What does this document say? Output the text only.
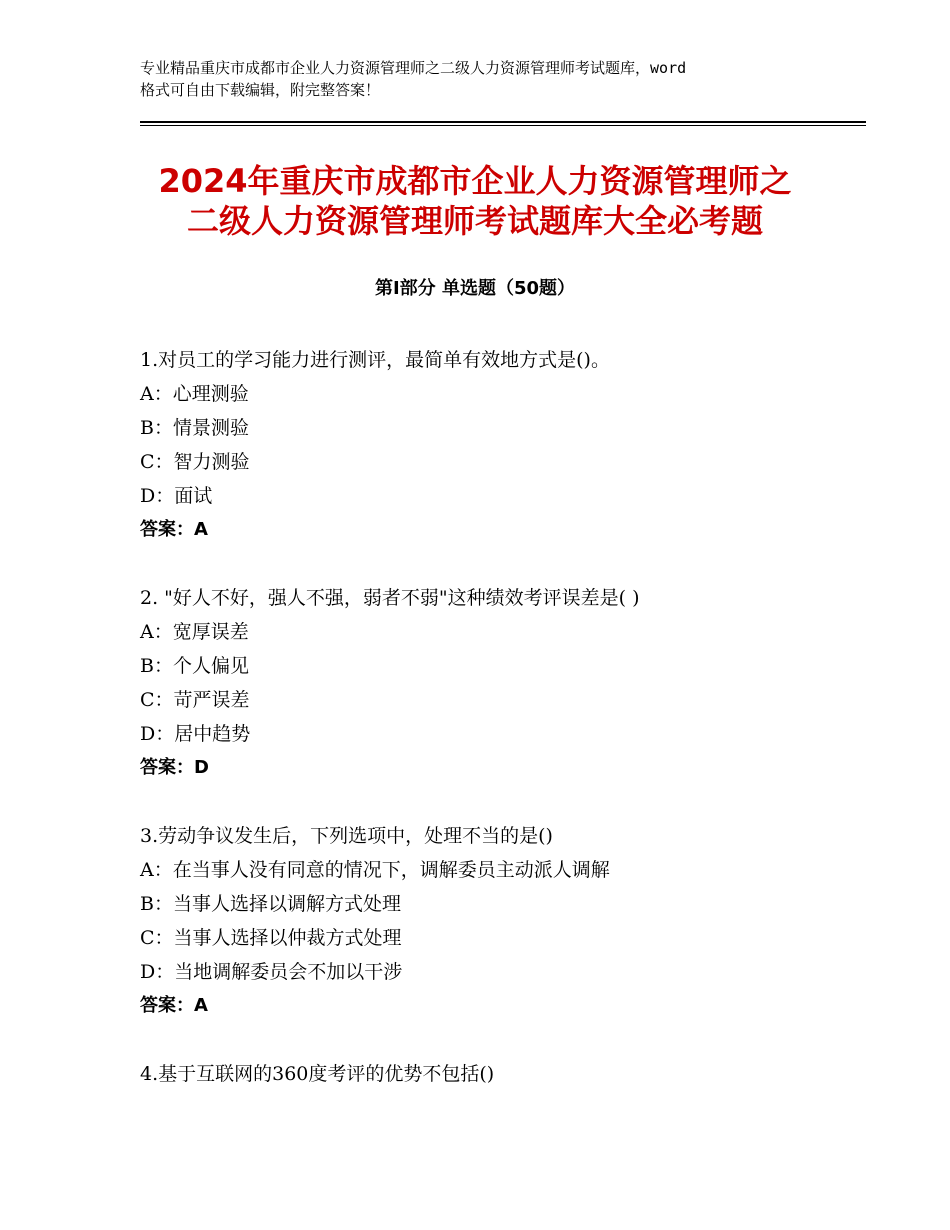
专业精品重庆市成都市企业人力资源管理师之二级人力资源管理师考试题库，word
格式可自由下载编辑，附完整答案！
2024年重庆市成都市企业人力资源管理师之
二级人力资源管理师考试题库大全必考题
第Ⅰ部分 单选题（50题）
1.对员工的学习能力进行测评，最简单有效地方式是()。
A：心理测验
B：情景测验
C：智力测验
D：面试
答案：A
2. "好人不好，强人不强，弱者不弱"这种绩效考评误差是( )
A：宽厚误差
B：个人偏见
C：苛严误差
D：居中趋势
答案：D
3.劳动争议发生后，下列选项中，处理不当的是()
A：在当事人没有同意的情况下，调解委员主动派人调解
B：当事人选择以调解方式处理
C：当事人选择以仲裁方式处理
D：当地调解委员会不加以干涉
答案：A
4.基于互联网的360度考评的优势不包括()
